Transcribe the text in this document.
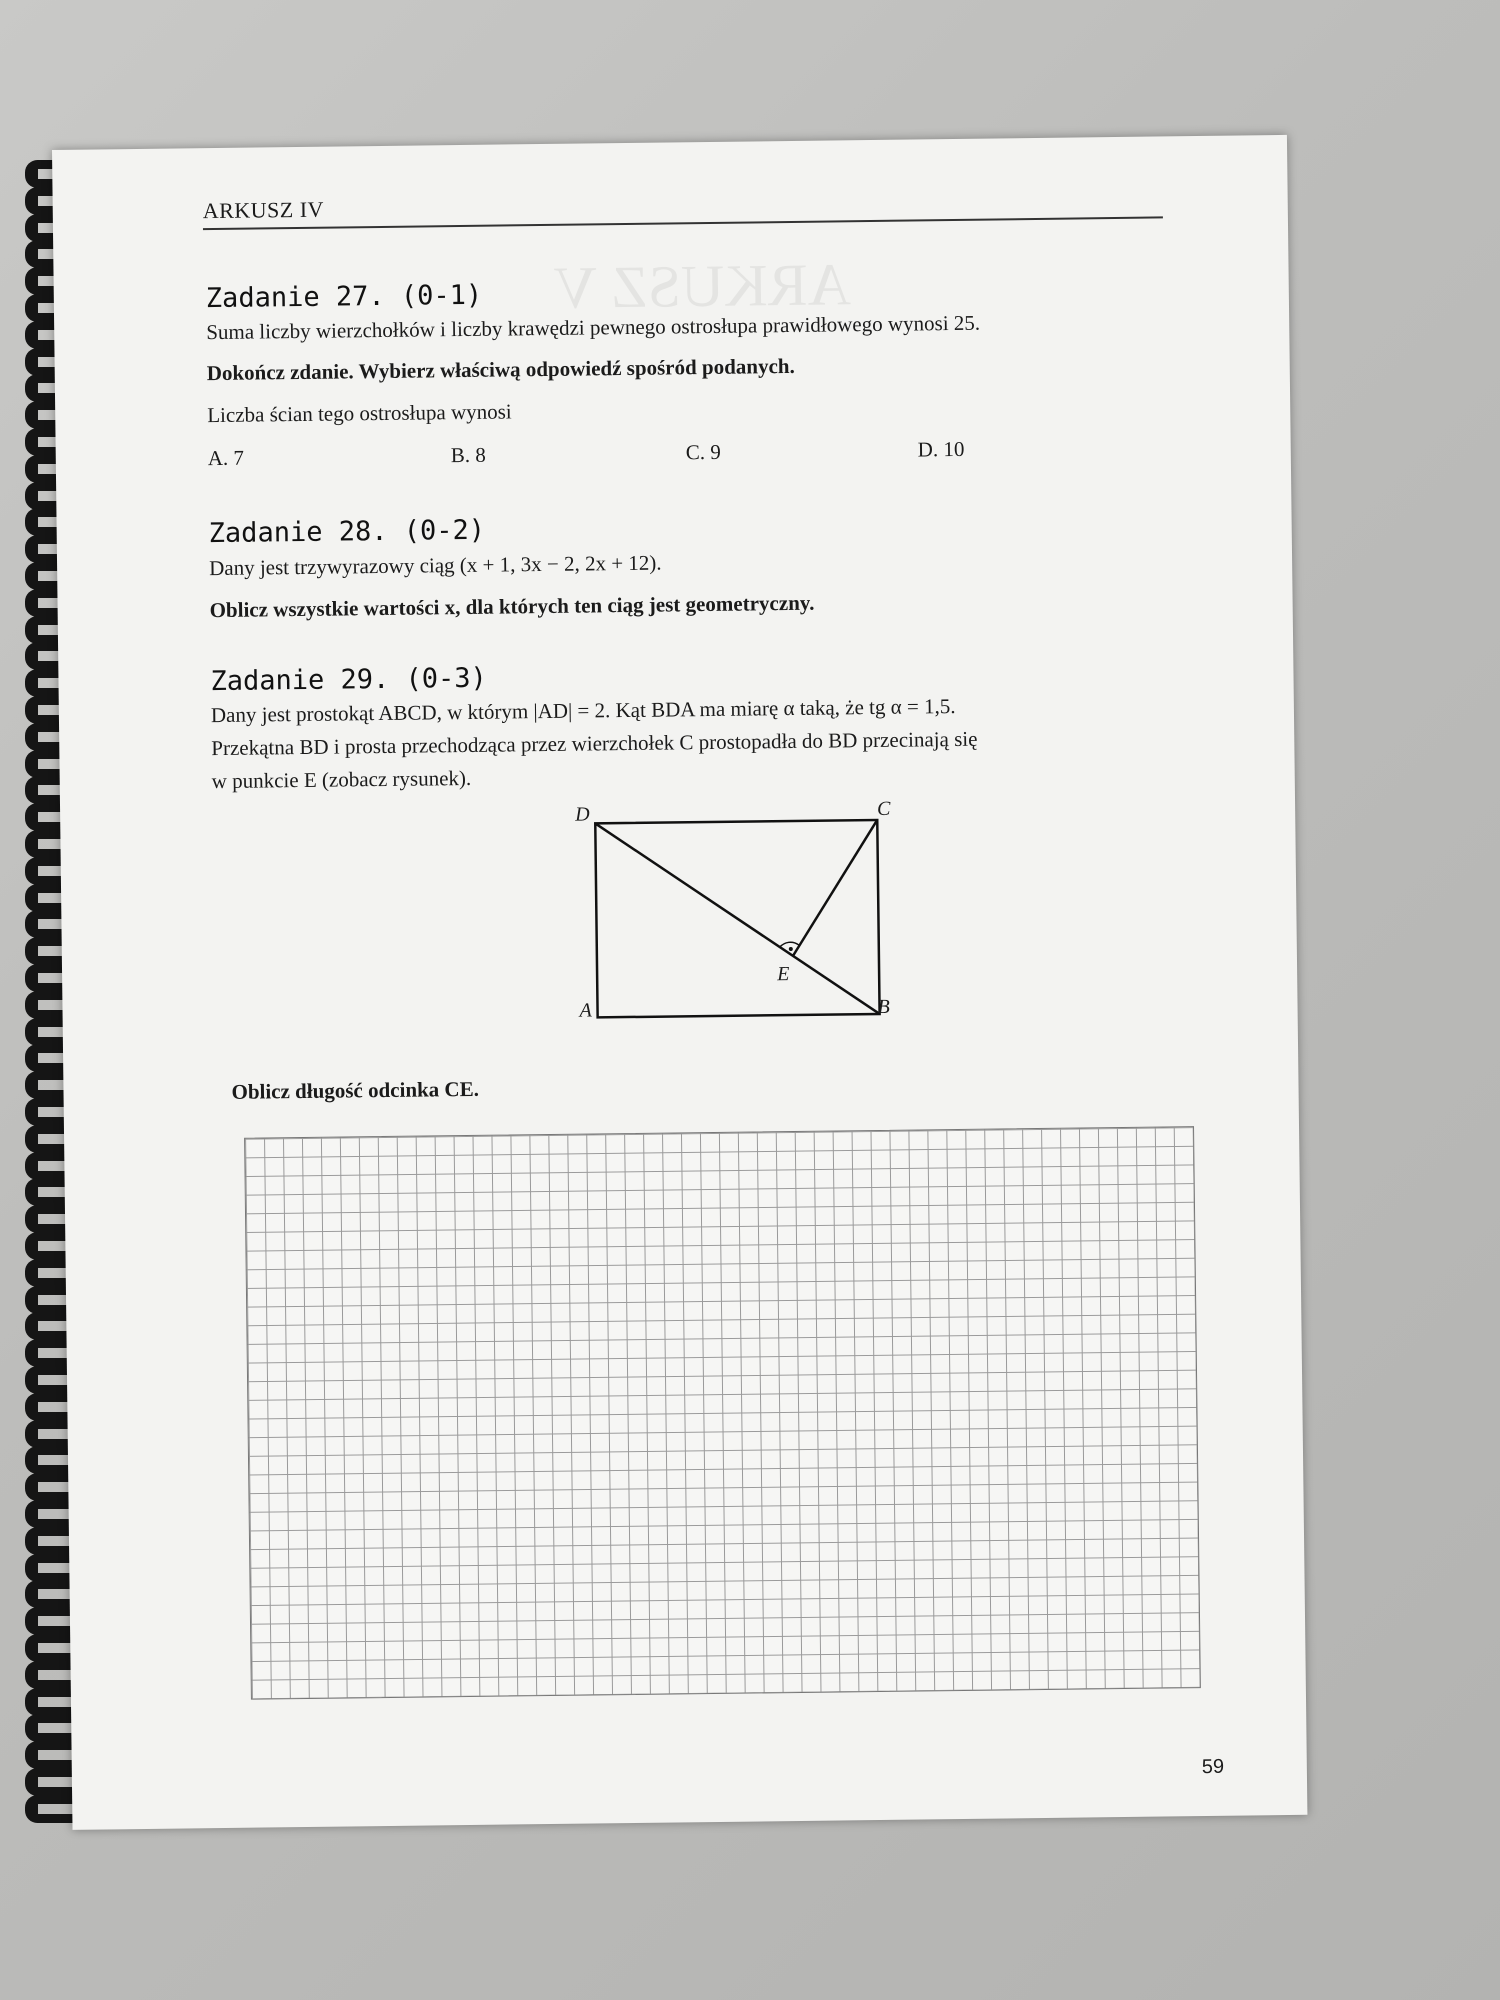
ARKUSZ V
ARKUSZ IV
Zadanie 27. (0-1)
Suma liczby wierzchołków i liczby krawędzi pewnego ostrosłupa prawidłowego wynosi 25.
Dokończ zdanie. Wybierz właściwą odpowiedź spośród podanych.
Liczba ścian tego ostrosłupa wynosi
A. 7	B. 8	C. 9	D. 10
Zadanie 28. (0-2)
Dany jest trzywyrazowy ciąg (x + 1, 3x − 2, 2x + 12).
Oblicz wszystkie wartości x, dla których ten ciąg jest geometryczny.
Zadanie 29. (0-3)
Dany jest prostokąt ABCD, w którym |AD| = 2. Kąt BDA ma miarę α taką, że tg α = 1,5.
Przekątna BD i prosta przechodząca przez wierzchołek C prostopadła do BD przecinają się
w punkcie E (zobacz rysunek).
D	C
E
A	B
Oblicz długość odcinka CE.
59
